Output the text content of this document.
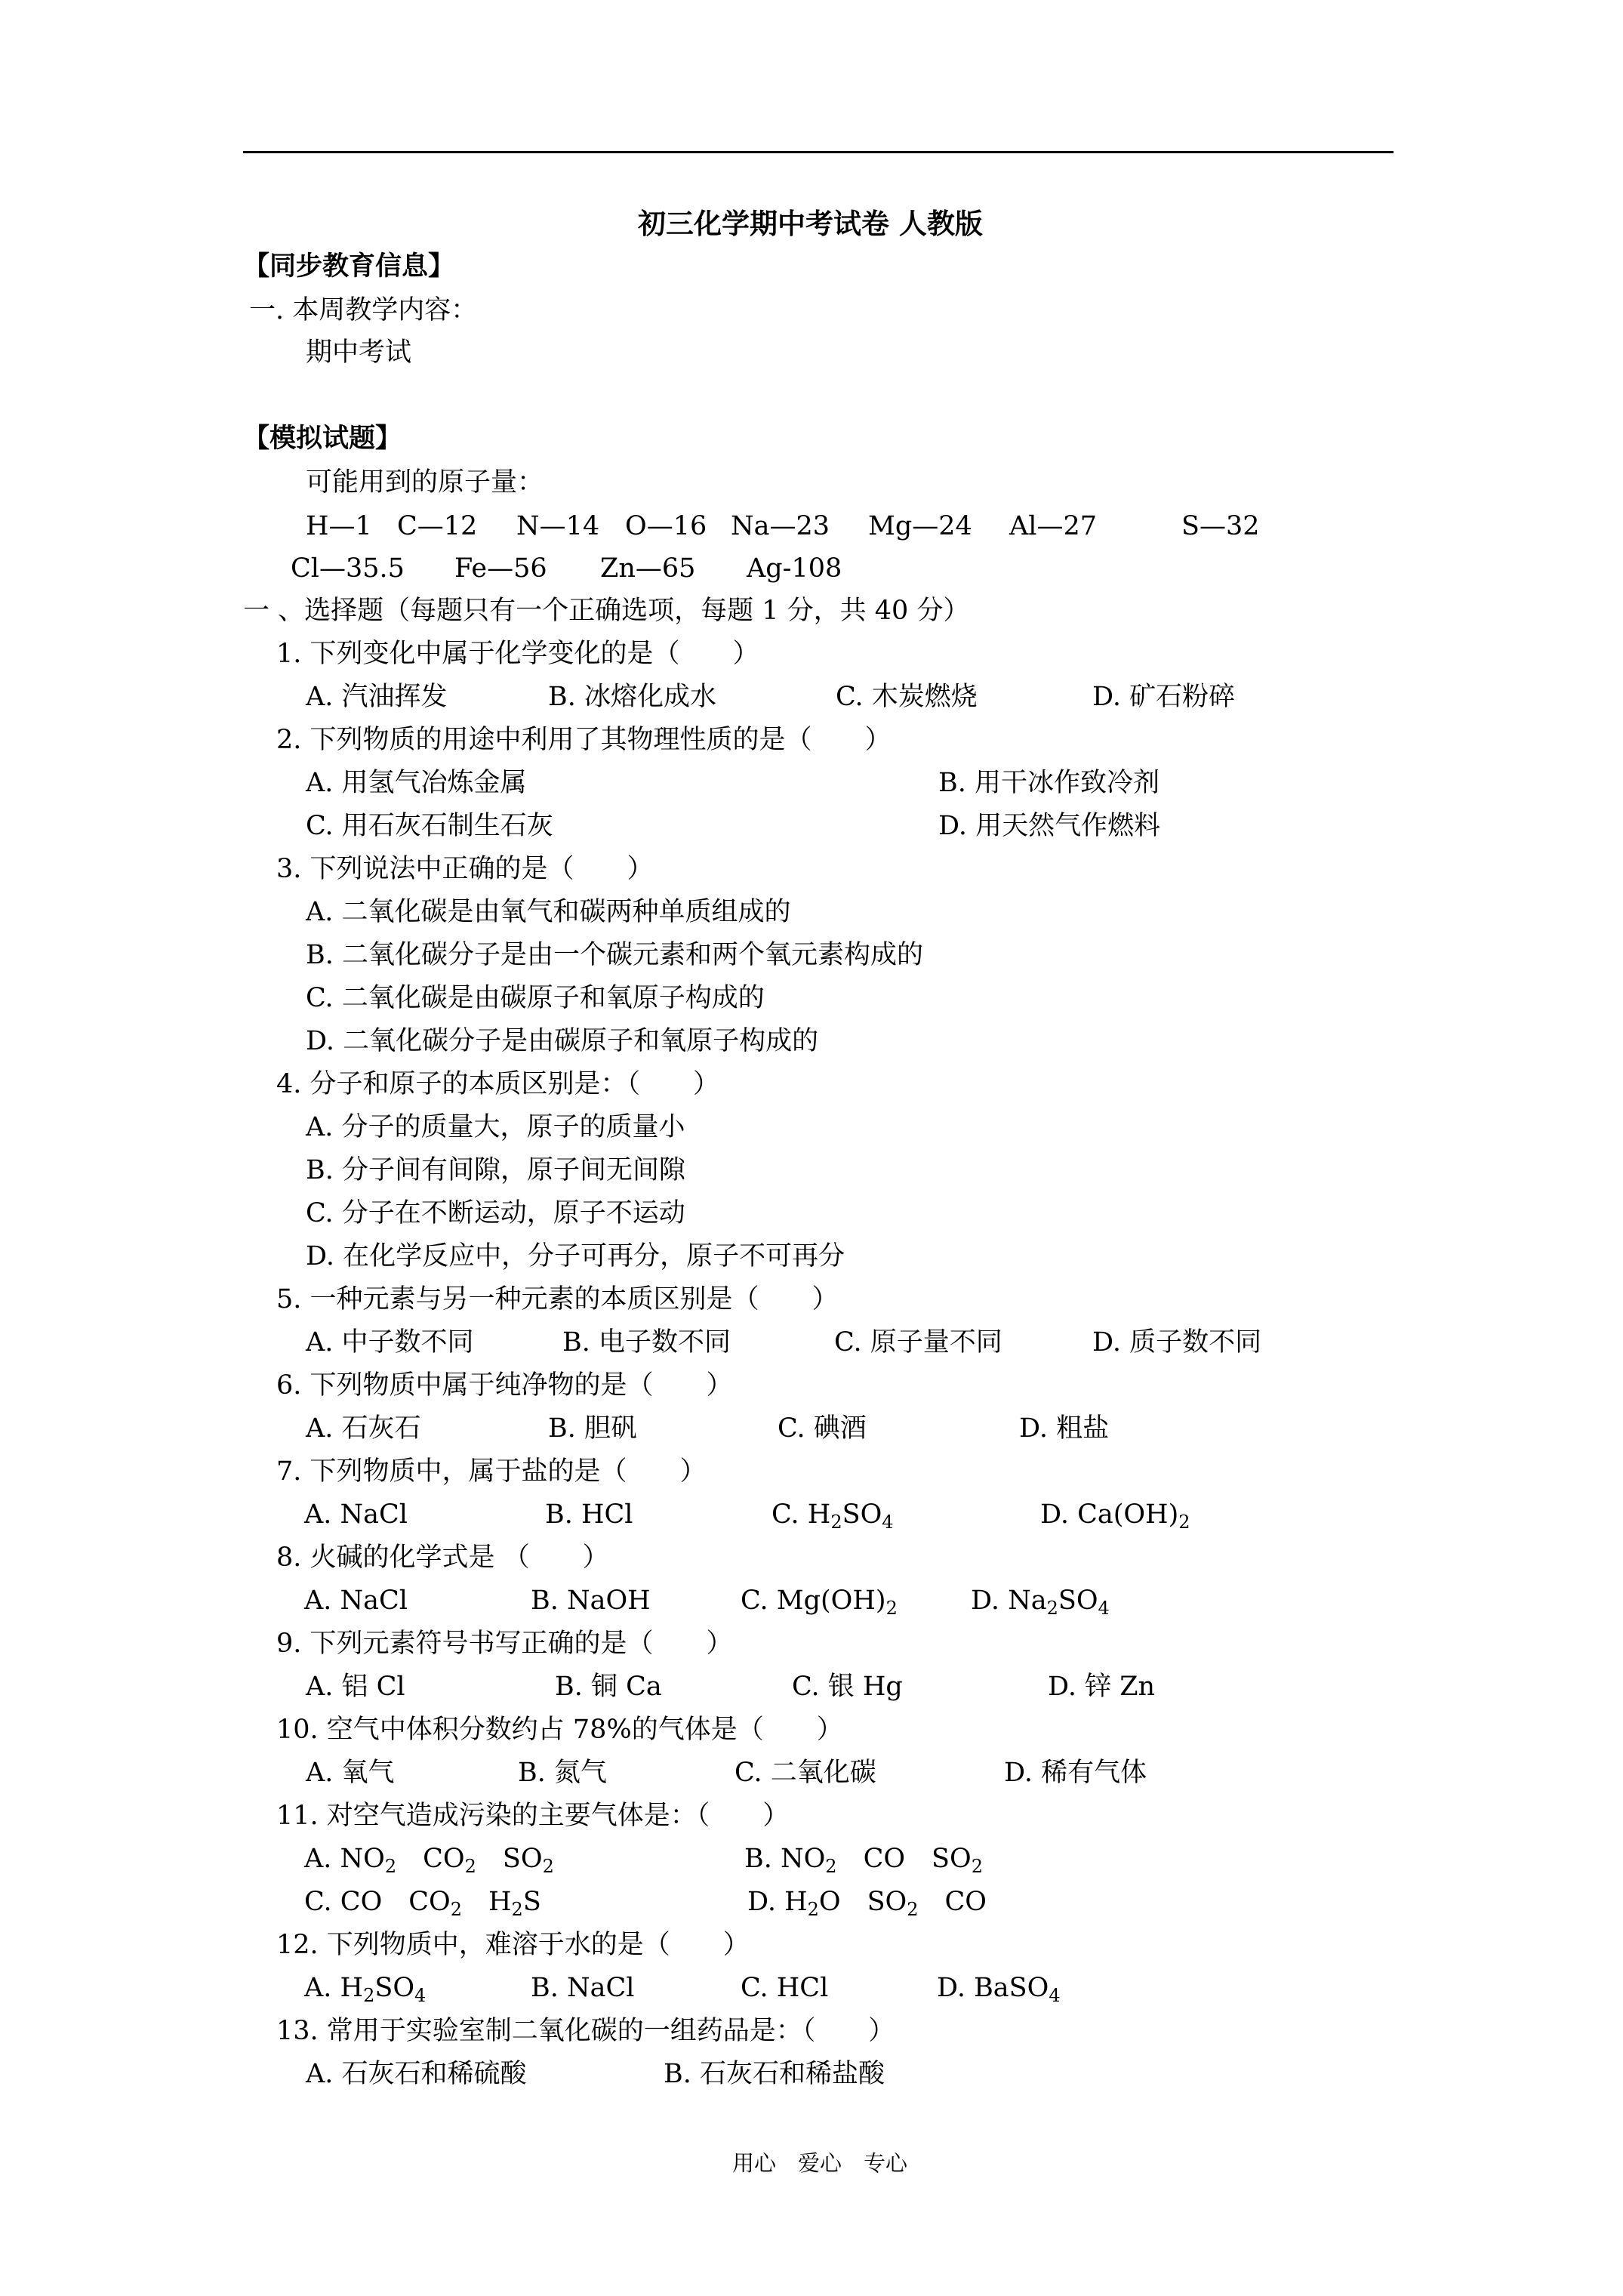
初三化学期中考试卷 人教版
【同步教育信息】
一. 本周教学内容：
期中考试
【模拟试题】
可能用到的原子量：
H—1 C—12 N—14 O—16 Na—23 Mg—24 Al—27	S—32
Cl—35.5 Fe—56 Zn—65 Ag-108
一 、选择题（每题只有一个正确选项，每题 1 分，共 40 分）
1. 下列变化中属于化学变化的是（　　）
A. 汽油挥发	B. 冰熔化成水	C. 木炭燃烧	D. 矿石粉碎
2. 下列物质的用途中利用了其物理性质的是（　　）
A. 用氢气冶炼金属	B. 用干冰作致冷剂
C. 用石灰石制生石灰	D. 用天然气作燃料
3. 下列说法中正确的是（　　）
A. 二氧化碳是由氧气和碳两种单质组成的
B. 二氧化碳分子是由一个碳元素和两个氧元素构成的
C. 二氧化碳是由碳原子和氧原子构成的
D. 二氧化碳分子是由碳原子和氧原子构成的
4. 分子和原子的本质区别是：（　　）
A. 分子的质量大，原子的质量小
B. 分子间有间隙，原子间无间隙
C. 分子在不断运动，原子不运动
D. 在化学反应中，分子可再分，原子不可再分
5. 一种元素与另一种元素的本质区别是（　　）
A. 中子数不同	B. 电子数不同	C. 原子量不同	D. 质子数不同
6. 下列物质中属于纯净物的是（　　）
A. 石灰石	B. 胆矾	C. 碘酒	D. 粗盐
7. 下列物质中，属于盐的是（　　）
A. NaCl	B. HCl	C. $H_2SO_4$	D. $Ca(OH)_2$
8. 火碱的化学式是 （　　）
A. NaCl	B. NaOH	C. $Mg(OH)_2$	D. $Na_2SO_4$
9. 下列元素符号书写正确的是（　　）
A. 铝 Cl	B. 铜 Ca	C. 银 Hg	D. 锌 Zn
10. 空气中体积分数约占 78%的气体是（　　）
A. 氧气	B. 氮气	C. 二氧化碳	D. 稀有气体
11. 对空气造成污染的主要气体是：（　　）
A. $NO_2$　$CO_2$　$SO_2$	B. $NO_2$　CO　$SO_2$
C. CO　$CO_2$　$H_2S$	D. $H_2O$　$SO_2$　CO
12. 下列物质中，难溶于水的是（　　）
A. $H_2SO_4$	B. NaCl	C. HCl	D. BaSO$_4$
13. 常用于实验室制二氧化碳的一组药品是：（　　）
A. 石灰石和稀硫酸	B. 石灰石和稀盐酸
用心　爱心　专心
